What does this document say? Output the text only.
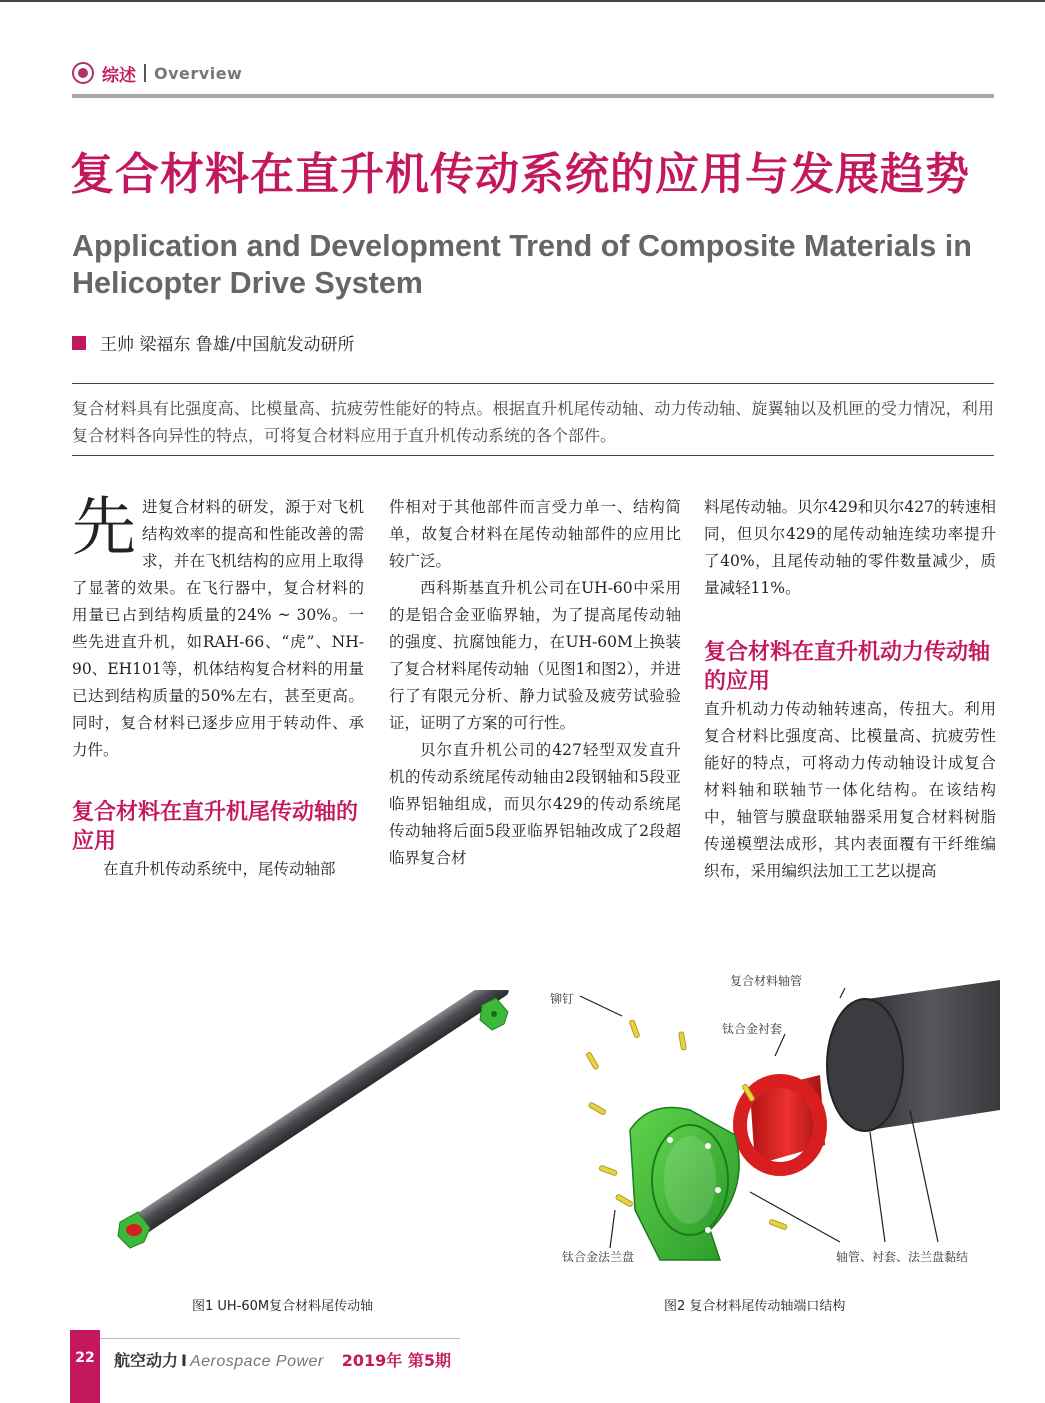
综述 Overview
复合材料在直升机传动系统的应用与发展趋势
Application and Development Trend of Composite Materials in Helicopter Drive System
王帅 梁福东 鲁雄/中国航发动研所
复合材料具有比强度高、比模量高、抗疲劳性能好的特点。根据直升机尾传动轴、动力传动轴、旋翼轴以及机匣的受力情况，利用复合材料各向异性的特点，可将复合材料应用于直升机传动系统的各个部件。
先 进复合材料的研发，源于对飞机结构效率的提高和性能改善的需求，并在飞机结构的应用上取得了显著的效果。在飞行器中，复合材料的用量已占到结构质量的24% ~ 30%。一些先进直升机，如RAH-66、“虎”、NH-90、EH101等，机体结构复合材料的用量已达到结构质量的50%左右，甚至更高。同时，复合材料已逐步应用于转动件、承力件。

复合材料在直升机尾传动轴的应用

在直升机传动系统中，尾传动轴部

件相对于其他部件而言受力单一、结构简单，故复合材料在尾传动轴部件的应用比较广泛。

西科斯基直升机公司在UH-60中采用的是铝合金亚临界轴，为了提高尾传动轴的强度、抗腐蚀能力，在UH-60M上换装了复合材料尾传动轴（见图1和图2），并进行了有限元分析、静力试验及疲劳试验验证，证明了方案的可行性。

贝尔直升机公司的427轻型双发直升机的传动系统尾传动轴由2段钢轴和5段亚临界铝轴组成，而贝尔429的传动系统尾传动轴将后面5段亚临界铝轴改成了2段超临界复合材

料尾传动轴。贝尔429和贝尔427的转速相同，但贝尔429的尾传动轴连续功率提升了40%，且尾传动轴的零件数量减少，质量减轻11%。

复合材料在直升机动力传动轴的应用

直升机动力传动轴转速高，传扭大。利用复合材料比强度高、比模量高、抗疲劳性能好的特点，可将动力传动轴设计成复合材料轴和联轴节一体化结构。在该结构中，轴管与膜盘联轴器采用复合材料树脂传递模塑法成形，其内表面覆有干纤维编织布，采用编织法加工工艺以提高

铆钉
复合材料轴管
钛合金衬套
钛合金法兰盘	轴管、衬套、法兰盘黏结
图1 UH-60M复合材料尾传动轴	图2 复合材料尾传动轴端口结构
22	航空动力 I Aerospace Power 2019年 第5期
